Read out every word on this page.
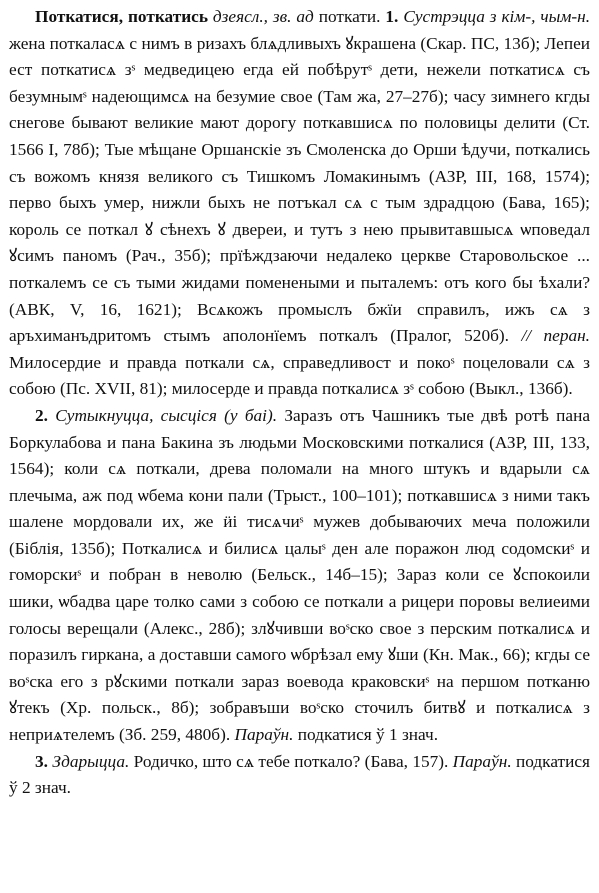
Поткатися, поткатись дзеясл., зв. ад поткати. 1. Сустрэцца з кім-, чым-н. жена поткаласѧ с нимъ в ризахъ блѧдливыхъ ꙋкрашена (Скар. ПС, 13б); Лепеи ест поткатисѧ зˢ медведицею егда ей побѣрутˢ дети, нежели поткатисѧ съ безумнымˢ надеющимсѧ на безумие свое (Там жа, 27–27б); часу зимнего кгды снегове бывают великие мают дорогу поткавшисѧ по половицы делити (Ст. 1566 I, 78б); Тые мѣщане Оршанскіе зъ Смоленска до Орши ѣдучи, поткались съ вожомъ князя великого съ Тишкомъ Ломакинымъ (АЗР, III, 168, 1574); перво быхъ умер, нижли быхъ не потъкал сѧ с тым здрадцою (Бава, 165); король се поткал ꙋ сѣнехъ ꙋ двереи, и тутъ з нею прывитавшысѧ ѡповедал ꙋсимъ паномъ (Рач., 35б); прїѣждзаючи недалеко церкве Старовольское ... поткалемъ се съ тыми жидами поменеными и пыталемъ: отъ кого бы ѣхали? (АВК, V, 16, 1621); Всѧкожъ промыслъ бжїи справилъ, ижъ сѧ з аръхиманъдритомъ стымъ аполонїемъ поткалъ (Пралог, 520б). // перан. Милосердие и правда поткали сѧ, справедливост и покоˢ поцеловали сѧ з собою (Пс. XVII, 81); милосерде и правда поткалисѧ зˢ собою (Выкл., 136б).

2. Сутыкнуцца, сысціся (у баі). Заразъ отъ Чашникъ тые двѣ ротѣ пана Боркулабова и пана Бакина зъ людьми Московскими поткалися (АЗР, III, 133, 1564); коли сѧ поткали, древа поломали на много штукъ и вдарыли сѧ плечыма, аж под ѡбема кони пали (Трыст., 100–101); поткавшисѧ з ними такъ шалене мордовали их, же ӥі тисѧчиˢ мужев добываючих меча положили (Біблія, 135б); Поткалисѧ и билисѧ цалыˢ ден але поражон люд содомскиˢ и гоморскиˢ и побран в неволю (Бельск., 14б–15); Зараз коли се ꙋспокоили шики, ѡбадва царе толко сами з собою се поткали а рицери поровы велиеими голосы верещали (Алекс., 28б); злꙋчивши воˢско свое з перским поткалисѧ и поразилъ гиркана, а доставши самого ѡбрѣзал ему ꙋши (Кн. Мак., 66); кгды се воˢска его з рꙋскими поткали зараз воевода краковскиˢ на першом потканю ꙋтекъ (Хр. польск., 8б); зобравъши воˢско сточилъ битвꙋ и поткалисѧ з неприѧтелемъ (Зб. 259, 480б). Параўн. подкатися ў 1 знач.

3. Здарыцца. Родичко, што сѧ тебе поткало? (Бава, 157). Параўн. подкатися ў 2 знач.
